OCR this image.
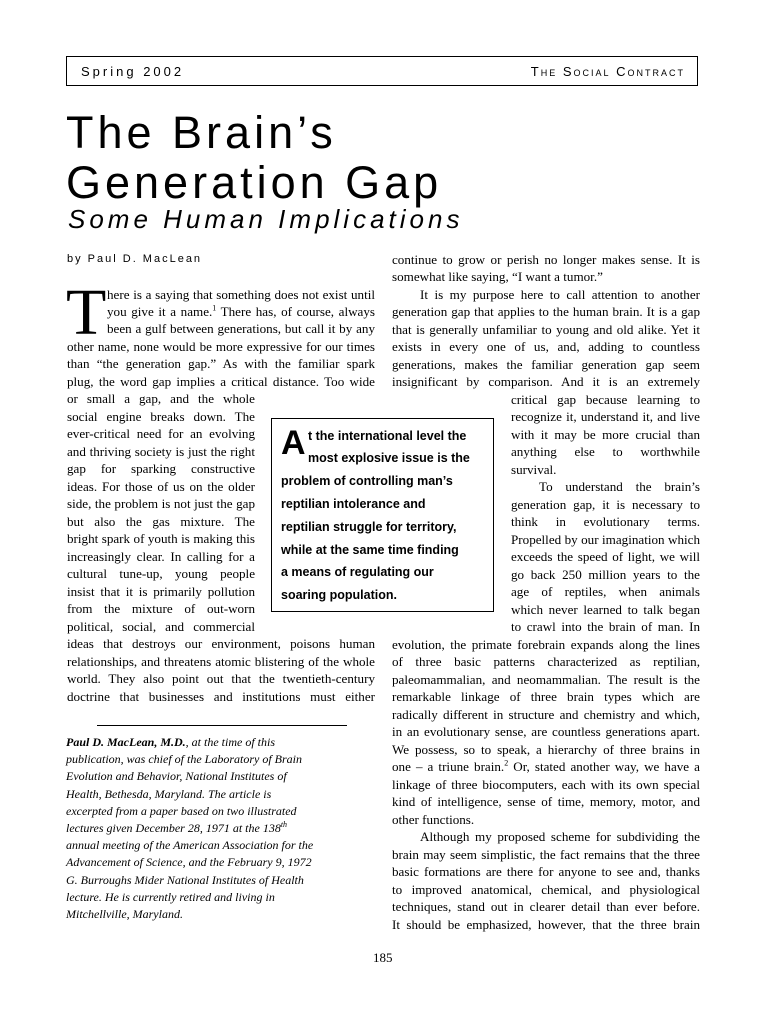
Spring 2002	The Social Contract
The Brain’s
Generation Gap
Some Human Implications
by Paul D. MacLean
T here is a saying that something does not exist until
you give it a name.$^1$ There has, of course, always
been a gulf between generations, but call it by any
other name, none would be more expressive for our times
than “the generation gap.” As with the familiar spark
plug, the word gap implies a critical distance. Too wide
or small a gap, and the whole
social engine breaks down. The
ever-critical need for an evolving
and thriving society is just the right
gap for sparking constructive
ideas. For those of us on the older
side, the problem is not just the gap
but also the gas mixture. The
bright spark of youth is making this
increasingly clear. In calling for a
cultural tune-up, young people
insist that it is primarily pollution
from the mixture of out-worn
political, social, and commercial
ideas that destroys our environment, poisons human
relationships, and threatens atomic blistering of the whole
world. They also point out that the twentieth-century
doctrine that businesses and institutions must either
A t the international level the
most explosive issue is the
problem of controlling man’s
reptilian intolerance and
reptilian struggle for territory,
while at the same time finding
a means of regulating our
soaring population.
Paul D. MacLean, M.D., at the time of this
publication, was chief of the Laboratory of Brain
Evolution and Behavior, National Institutes of
Health, Bethesda, Maryland. The article is
excerpted from a paper based on two illustrated
lectures given December 28, 1971 at the 138th
annual meeting of the American Association for the
Advancement of Science, and the February 9, 1972
G. Burroughs Mider National Institutes of Health
lecture. He is currently retired and living in
Mitchellville, Maryland.
continue to grow or perish no longer makes sense. It is
somewhat like saying, “I want a tumor.”
It is my purpose here to call attention to another
generation gap that applies to the human brain. It is a gap
that is generally unfamiliar to young and old alike. Yet it
exists in every one of us, and, adding to countless
generations, makes the familiar generation gap seem
insignificant by comparison. And it is an extremely
critical gap because learning to
recognize it, understand it, and live
with it may be more crucial than
anything else to worthwhile
survival.
To understand the brain’s
generation gap, it is necessary to
think in evolutionary terms.
Propelled by our imagination which
exceeds the speed of light, we will
go back 250 million years to the
age of reptiles, when animals
which never learned to talk began
to crawl into the brain of man. In
evolution, the primate forebrain expands along the lines
of three basic patterns characterized as reptilian,
paleomammalian, and neomammalian. The result is the
remarkable linkage of three brain types which are
radically different in structure and chemistry and which,
in an evolutionary sense, are countless generations apart.
We possess, so to speak, a hierarchy of three brains in
one – a triune brain.$^2$ Or, stated another way, we have a
linkage of three biocomputers, each with its own special
kind of intelligence, sense of time, memory, motor, and
other functions.
Although my proposed scheme for subdividing the
brain may seem simplistic, the fact remains that the three
basic formations are there for anyone to see and, thanks
to improved anatomical, chemical, and physiological
techniques, stand out in clearer detail than ever before.
It should be emphasized, however, that the three brain
185
